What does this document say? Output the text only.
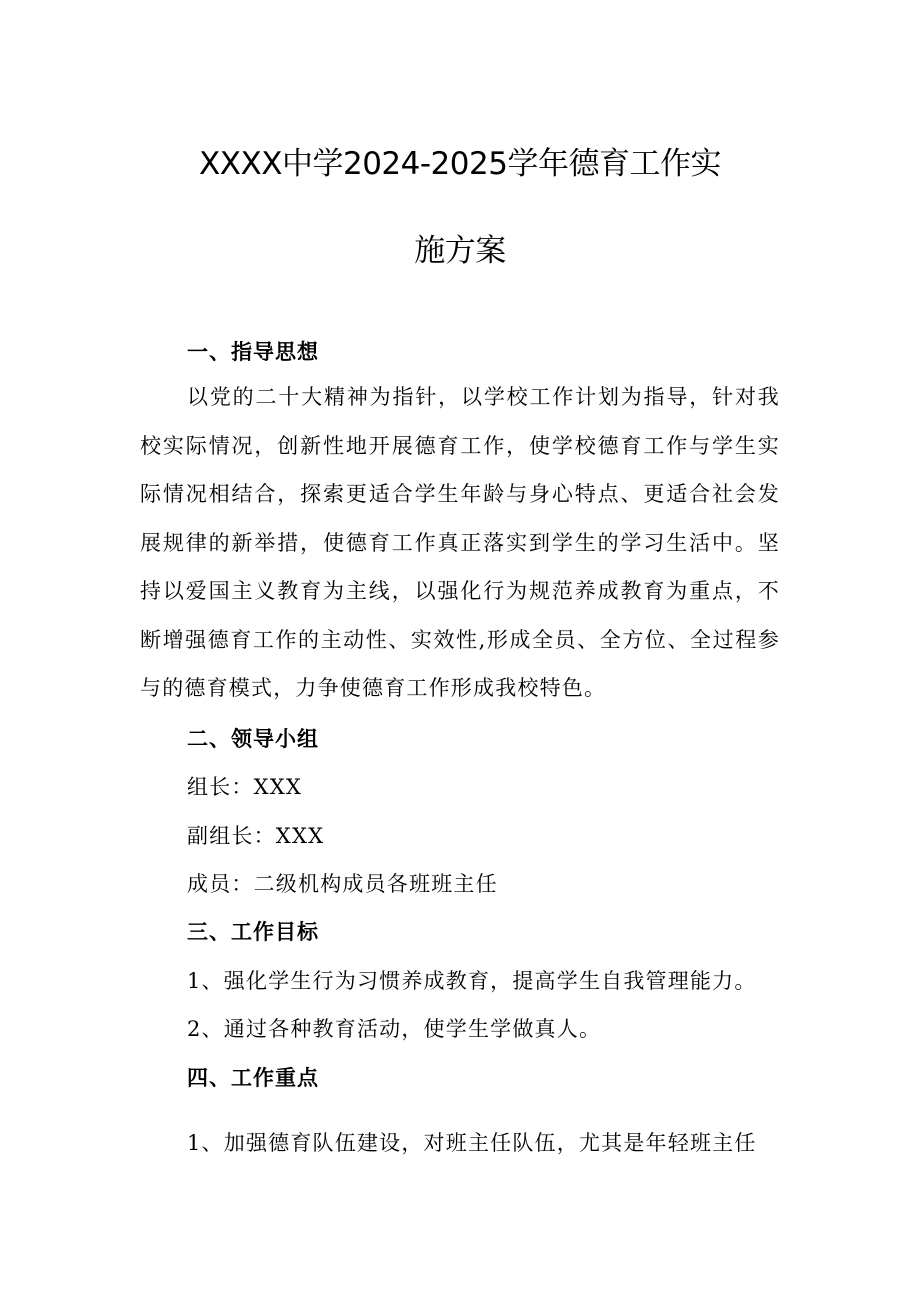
XXXX中学2024-2025学年德育工作实
施方案
一、指导思想
以党的二十大精神为指针，以学校工作计划为指导，针对我校实际情况，创新性地开展德育工作，使学校德育工作与学生实际情况相结合，探索更适合学生年龄与身心特点、更适合社会发展规律的新举措，使德育工作真正落实到学生的学习生活中。坚持以爱国主义教育为主线，以强化行为规范养成教育为重点，不断增强德育工作的主动性、实效性,形成全员、全方位、全过程参与的德育模式，力争使德育工作形成我校特色。
二、领导小组
组长：XXX
副组长：XXX
成员：二级机构成员各班班主任
三、工作目标
1、强化学生行为习惯养成教育，提高学生自我管理能力。
2、通过各种教育活动，使学生学做真人。
四、工作重点
1、加强德育队伍建设，对班主任队伍，尤其是年轻班主任
